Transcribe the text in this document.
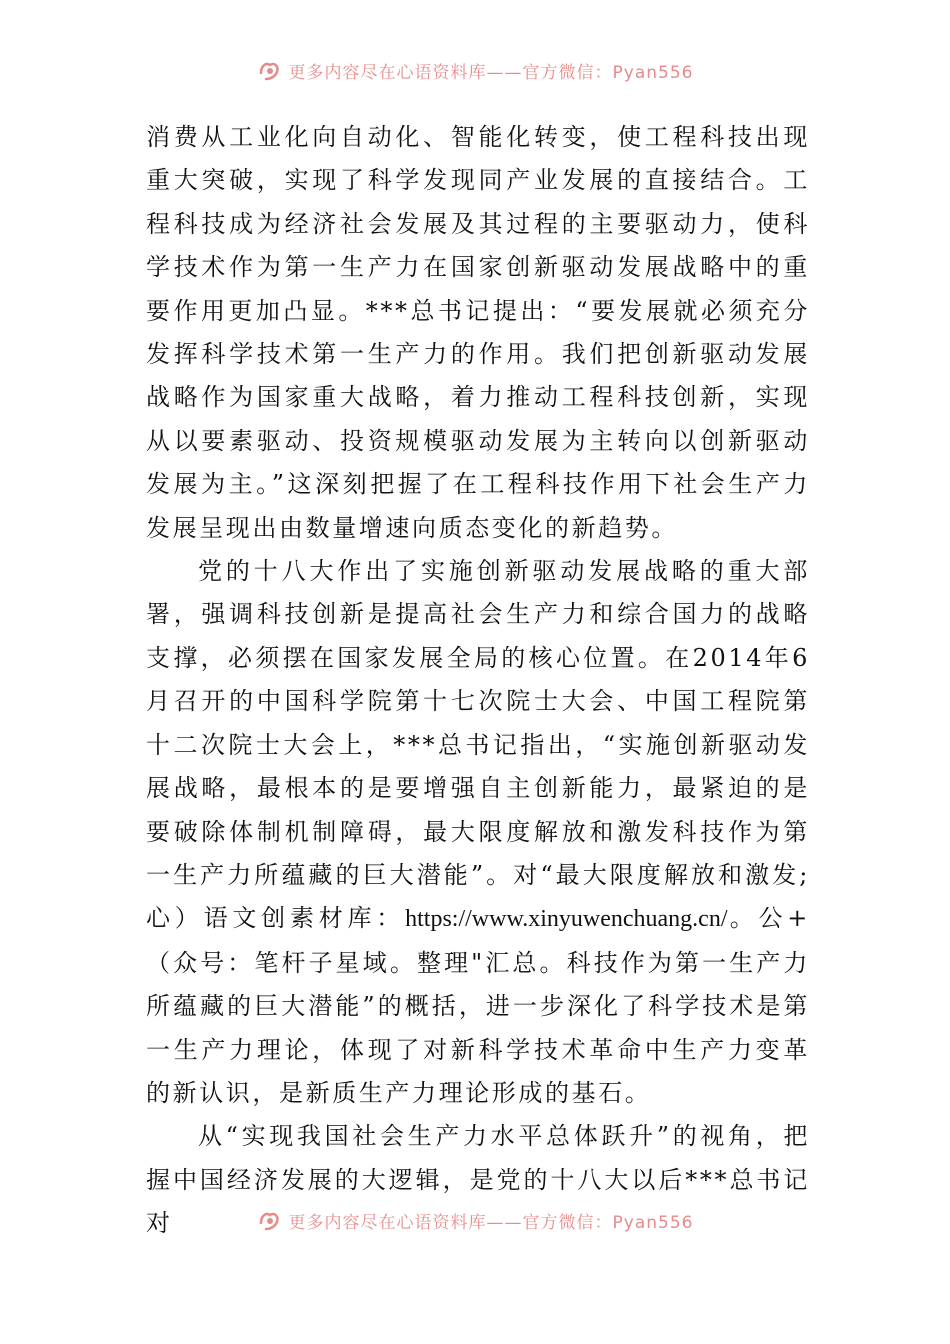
更多内容尽在心语资料库——官方微信：Pyan556

消费从工业化向自动化、智能化转变，使工程科技出现重大突破，实现了科学发现同产业发展的直接结合。工程科技成为经济社会发展及其过程的主要驱动力，使科学技术作为第一生产力在国家创新驱动发展战略中的重要作用更加凸显。***总书记提出：“要发展就必须充分发挥科学技术第一生产力的作用。我们把创新驱动发展战略作为国家重大战略，着力推动工程科技创新，实现从以要素驱动、投资规模驱动发展为主转向以创新驱动发展为主。”这深刻把握了在工程科技作用下社会生产力发展呈现出由数量增速向质态变化的新趋势。

党的十八大作出了实施创新驱动发展战略的重大部署，强调科技创新是提高社会生产力和综合国力的战略支撑，必须摆在国家发展全局的核心位置。在2014年6月召开的中国科学院第十七次院士大会、中国工程院第十二次院士大会上，***总书记指出，“实施创新驱动发展战略，最根本的是要增强自主创新能力，最紧迫的是要破除体制机制障碍，最大限度解放和激发科技作为第一生产力所蕴藏的巨大潜能”。对“最大限度解放和激发;心）语文创素材库：https://www.xinyuwenchuang.cn/。公+（众号：笔杆子星域。整理"汇总。科技作为第一生产力所蕴藏的巨大潜能”的概括，进一步深化了科学技术是第一生产力理论，体现了对新科学技术革命中生产力变革的新认识，是新质生产力理论形成的基石。

从“实现我国社会生产力水平总体跃升”的视角，把握中国经济发展的大逻辑，是党的十八大以后***总书记对	更多内容尽在心语资料库——官方微信：Pyan556
